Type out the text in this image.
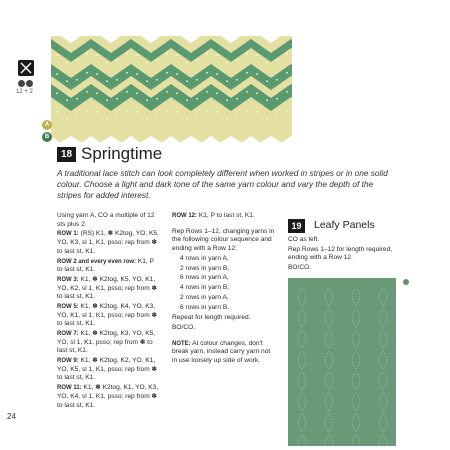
12 + 2
A
B
18 Springtime
A traditional lace stitch can look completely different when worked in stripes or in one solid colour. Choose a light and dark tone of the same yarn colour and vary the depth of the stripes for added interest.

Using yarn A, CO a multiple of 12 sts plus 2.

ROW 1: (RS) K1, ✽ K2tog, YO, K5, YO, K3, sl 1, K1, psso; rep from ✽ to last st, K1.

ROW 2 and every even row: K1, P to last st, K1.

ROW 3: K1, ✽ K2tog, K5, YO, K1, YO, K2, sl 1, K1, psso; rep from ✽ to last st, K1.

ROW 5: K1, ✽ K2tog, K4, YO, K3, YO, K1, sl 1, K1, psso; rep from ✽ to last st, K1.

ROW 7: K1, ✽ K2tog, K3, YO, K5, YO, sl 1, K1, psso; rep from ✽ to last st, K1.

ROW 9: K1, ✽ K2tog, K2, YO, K1, YO, K5, sl 1, K1, psso; rep from ✽ to last st, K1.

ROW 11: K1, ✽ K2tog, K1, YO, K3, YO, K4, sl 1, K1, psso; rep from ✽ to last st, K1.

ROW 12: K1, P to last st, K1.

Rep Rows 1–12, changing yarns in the following colour sequence and ending with a Row 12:

4 rows in yarn A,

2 rows in yarn B,

6 rows in yarn A,

4 rows in yarn B,

2 rows in yarn A,

6 rows in yarn B.

Repeat for length required.

BO/CO.

NOTE: At colour changes, don't break yarn, instead carry yarn not in use loosely up side of work.

19	Leafy Panels

CO as left.

Rep Rows 1–12 for length required, ending with a Row 12.

BO/CO.

24
